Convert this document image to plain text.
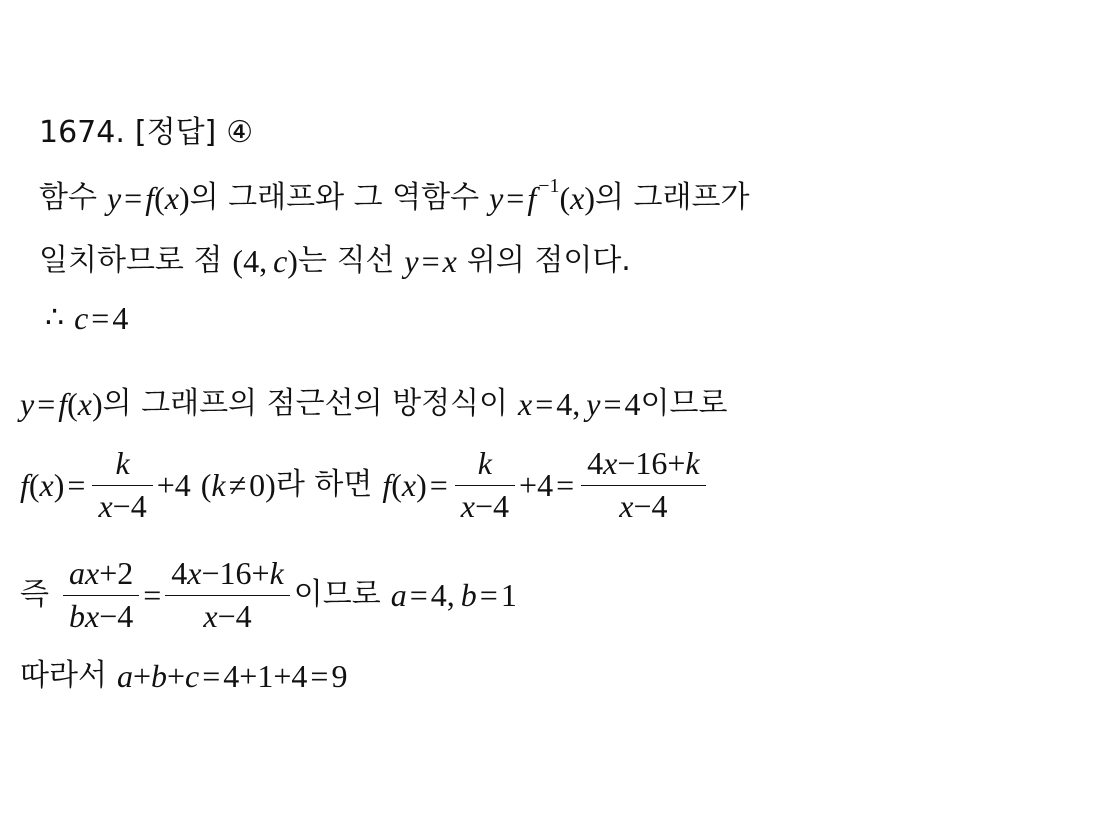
1674. [정답] ④
함수 y=f(x) 의 그래프와 그 역함수 $y=f^{-1}$ (x) 의 그래프가
일치하므로 점 (4, c) 는 직선 y=x 위의 점이다.
∴ c=4
y=f(x) 의 그래프의 점근선의 방정식이 x=4, y=4 이므로
$f(x)= \frac{k}{x-4} +4$ (k≠0) 라 하면 $f(x)= \frac{k}{x-4} +4= \frac{4x-16+k}{x-4}$
즉 $\frac{ax+2}{bx-4} = \frac{4x-16+k}{x-4}$ 이므로 a=4, b=1
따라서 a+b+c=4+1+4=9
